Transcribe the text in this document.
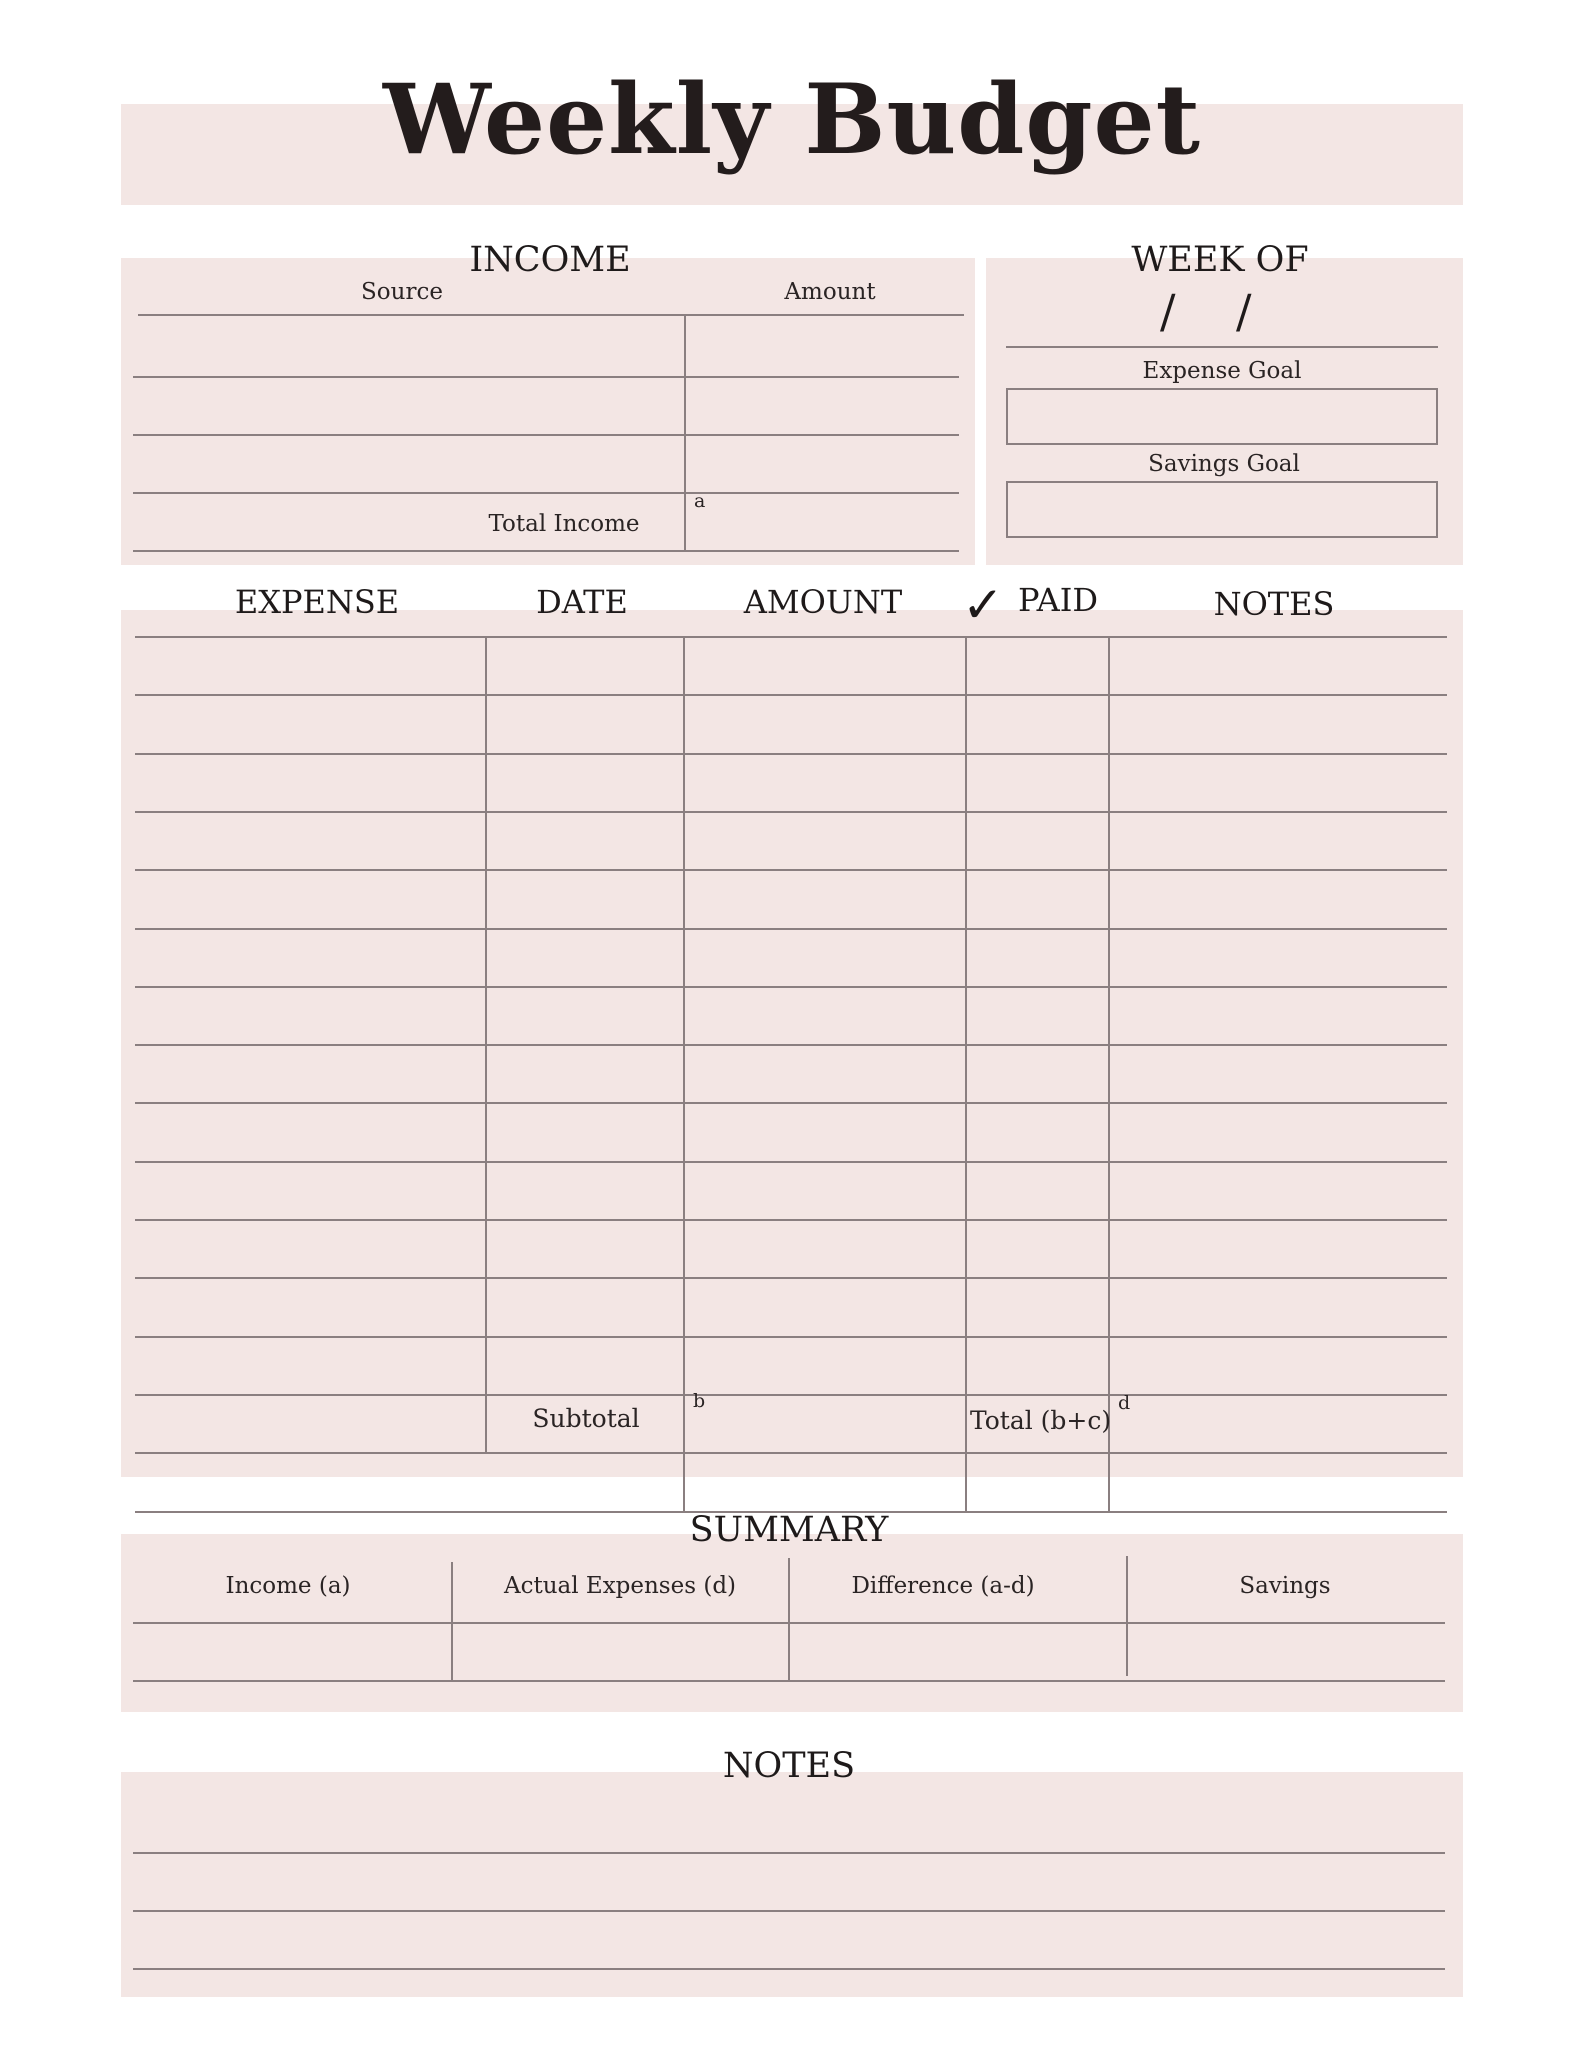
Weekly Budget
INCOME
Source	Amount
Total Income
a
WEEK OF
/ /
Expense Goal
Savings Goal
EXPENSE	DATE	AMOUNT ✓ PAID	NOTES
Subtotal
b
Total (b+c)
d
SUMMARY
Income (a)	Actual Expenses (d)	Difference (a-d)	Savings
NOTES
